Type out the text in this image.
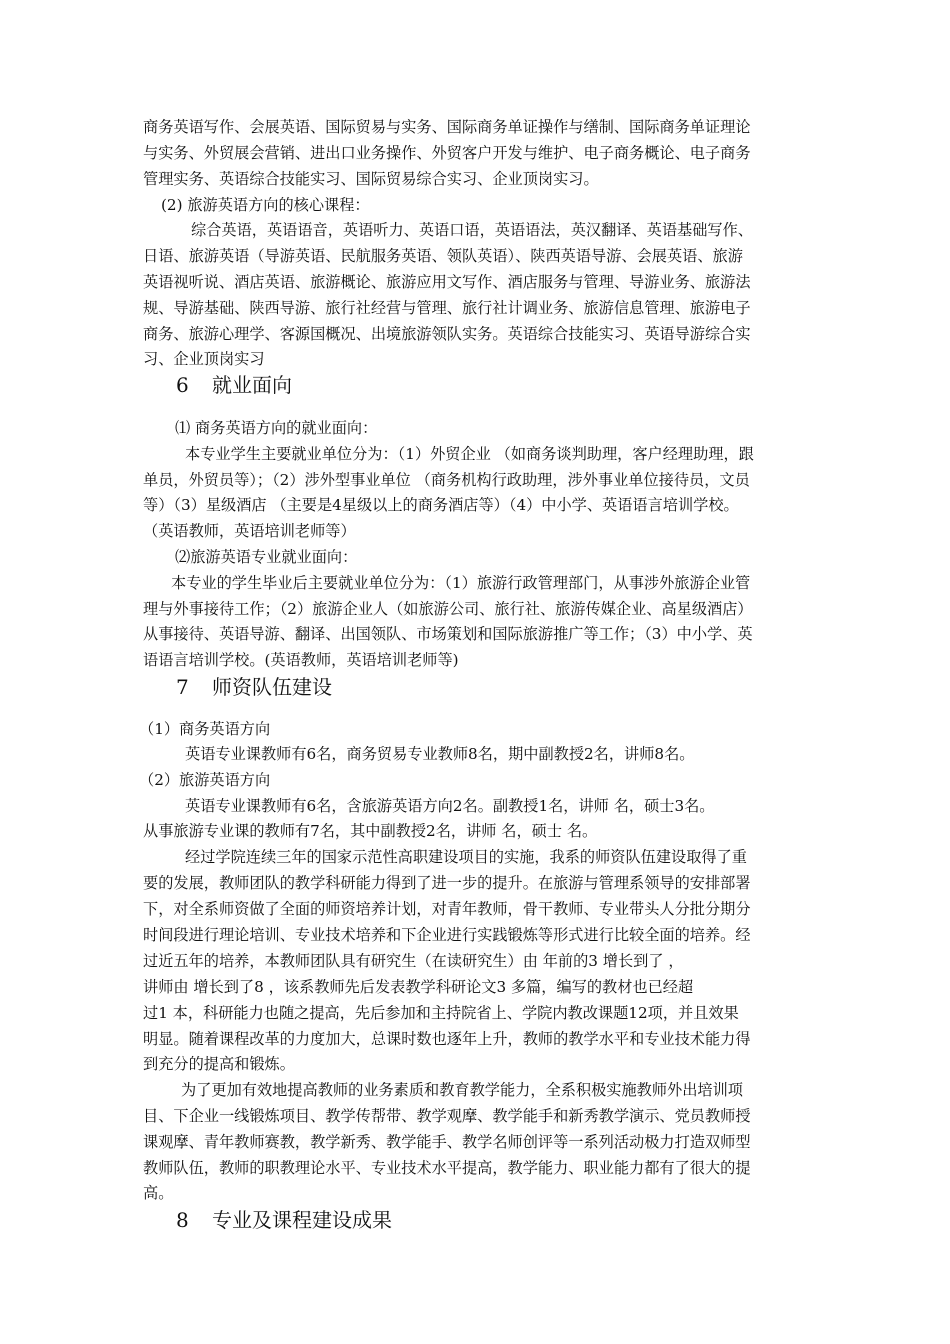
商务英语写作、会展英语、国际贸易与实务、国际商务单证操作与缮制、国际商务单证理论
与实务、外贸展会营销、进出口业务操作、外贸客户开发与维护、电子商务概论、电子商务
管理实务、英语综合技能实习、国际贸易综合实习、企业顶岗实习。
(2) 旅游英语方向的核心课程：
综合英语，英语语音，英语听力、英语口语，英语语法，英汉翻译、英语基础写作、
日语、旅游英语（导游英语、民航服务英语、领队英语）、陕西英语导游、会展英语、旅游
英语视听说、酒店英语、旅游概论、旅游应用文写作、酒店服务与管理、导游业务、旅游法
规、导游基础、陕西导游、旅行社经营与管理、旅行社计调业务、旅游信息管理、旅游电子
商务、旅游心理学、客源国概况、出境旅游领队实务。英语综合技能实习、英语导游综合实
习、企业顶岗实习
6 就业面向
⑴ 商务英语方向的就业面向：
本专业学生主要就业单位分为：（1）外贸企业 （如商务谈判助理，客户经理助理，跟
单员，外贸员等）；（2）涉外型事业单位 （商务机构行政助理，涉外事业单位接待员，文员
等）（3）星级酒店 （主要是4星级以上的商务酒店等）（4）中小学、英语语言培训学校。
（英语教师，英语培训老师等）
⑵旅游英语专业就业面向：
本专业的学生毕业后主要就业单位分为：（1）旅游行政管理部门，从事涉外旅游企业管
理与外事接待工作；（2）旅游企业人（如旅游公司、旅行社、旅游传媒企业、高星级酒店）
从事接待、英语导游、翻译、出国领队、市场策划和国际旅游推广等工作；（3）中小学、英
语语言培训学校。(英语教师，英语培训老师等)
7 师资队伍建设
（1）商务英语方向
英语专业课教师有6名，商务贸易专业教师8名，期中副教授2名，讲师8名。
（2）旅游英语方向
英语专业课教师有6名，含旅游英语方向2名。副教授1名，讲师 名，硕士3名。
从事旅游专业课的教师有7名，其中副教授2名，讲师 名，硕士 名。
经过学院连续三年的国家示范性高职建设项目的实施，我系的师资队伍建设取得了重
要的发展，教师团队的教学科研能力得到了进一步的提升。在旅游与管理系领导的安排部署
下，对全系师资做了全面的师资培养计划，对青年教师，骨干教师、专业带头人分批分期分
时间段进行理论培训、专业技术培养和下企业进行实践锻炼等形式进行比较全面的培养。经
过近五年的培养，本教师团队具有研究生（在读研究生）由 年前的3 增长到了 ，
讲师由 增长到了8 ，该系教师先后发表教学科研论文3 多篇，编写的教材也已经超
过1 本，科研能力也随之提高，先后参加和主持院省上、学院内教改课题12项，并且效果
明显。随着课程改革的力度加大，总课时数也逐年上升，教师的教学水平和专业技术能力得
到充分的提高和锻炼。
为了更加有效地提高教师的业务素质和教育教学能力，全系积极实施教师外出培训项
目、下企业一线锻炼项目、教学传帮带、教学观摩、教学能手和新秀教学演示、党员教师授
课观摩、青年教师赛教，教学新秀、教学能手、教学名师创评等一系列活动极力打造双师型
教师队伍，教师的职教理论水平、专业技术水平提高，教学能力、职业能力都有了很大的提
高。
8 专业及课程建设成果
